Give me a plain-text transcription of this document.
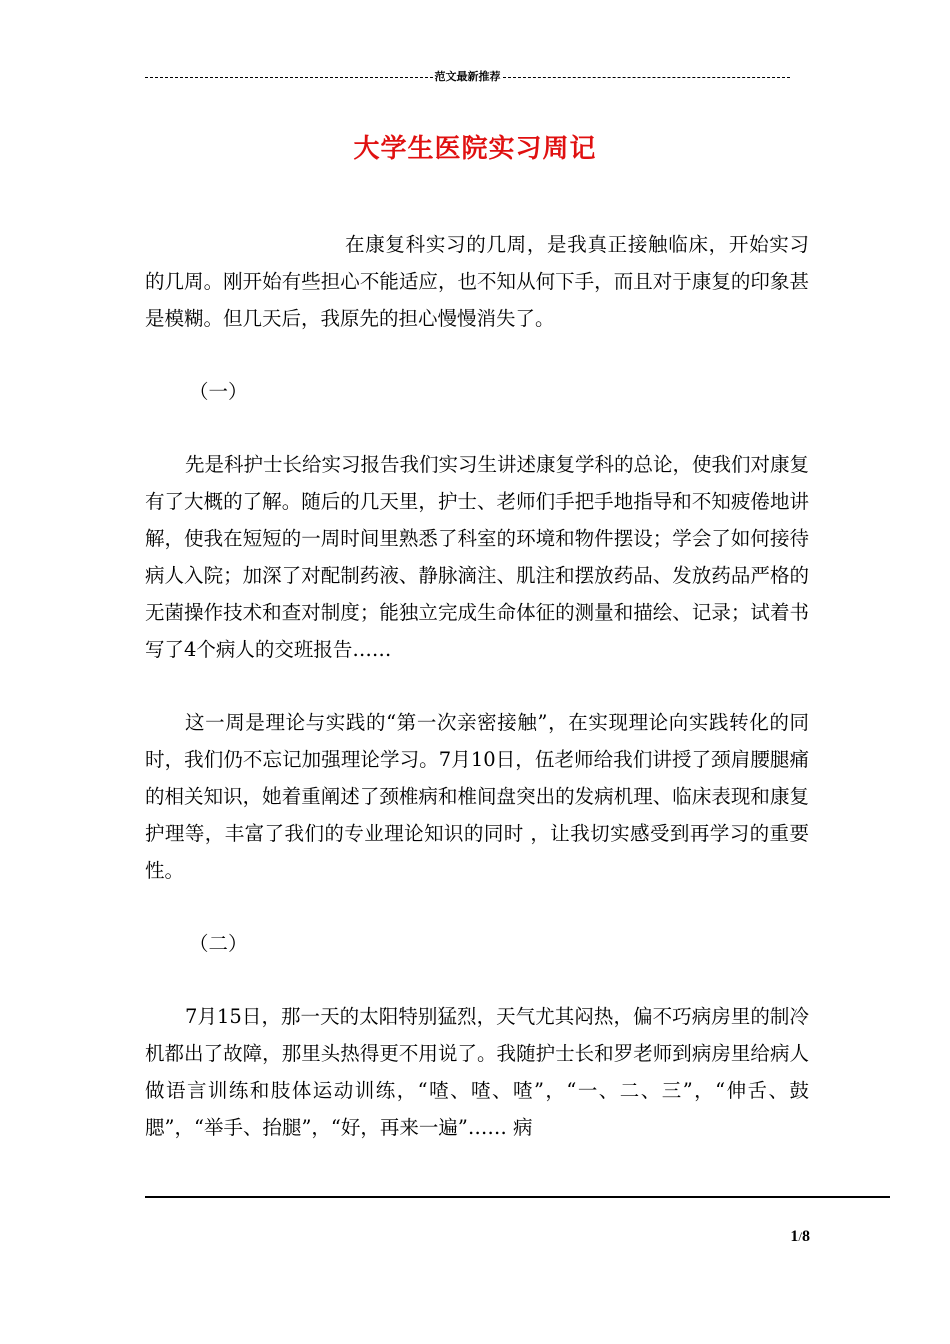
范文最新推荐
大学生医院实习周记

在康复科实习的几周，是我真正接触临床，开始实习的几周。刚开始有些担心不能适应，也不知从何下手，而且对于康复的印象甚是模糊。但几天后，我原先的担心慢慢消失了。

（一）

先是科护士长给实习报告我们实习生讲述康复学科的总论，使我们对康复有了大概的了解。随后的几天里，护士、老师们手把手地指导和不知疲倦地讲解，使我在短短的一周时间里熟悉了科室的环境和物件摆设；学会了如何接待病人入院；加深了对配制药液、静脉滴注、肌注和摆放药品、发放药品严格的无菌操作技术和查对制度；能独立完成生命体征的测量和描绘、记录；试着书写了4个病人的交班报告……

这一周是理论与实践的“第一次亲密接触”，在实现理论向实践转化的同时，我们仍不忘记加强理论学习。7月10日，伍老师给我们讲授了颈肩腰腿痛的相关知识，她着重阐述了颈椎病和椎间盘突出的发病机理、临床表现和康复护理等，丰富了我们的专业理论知识的同时 ，让我切实感受到再学习的重要性。

（二）

7月15日，那一天的太阳特别猛烈，天气尤其闷热，偏不巧病房里的制冷机都出了故障，那里头热得更不用说了。我随护士长和罗老师到病房里给病人做语言训练和肢体运动训练，“喳、喳、喳”，“一、二、三”，“伸舌、鼓腮”，“举手、抬腿”，“好，再来一遍”…… 病

1/8
